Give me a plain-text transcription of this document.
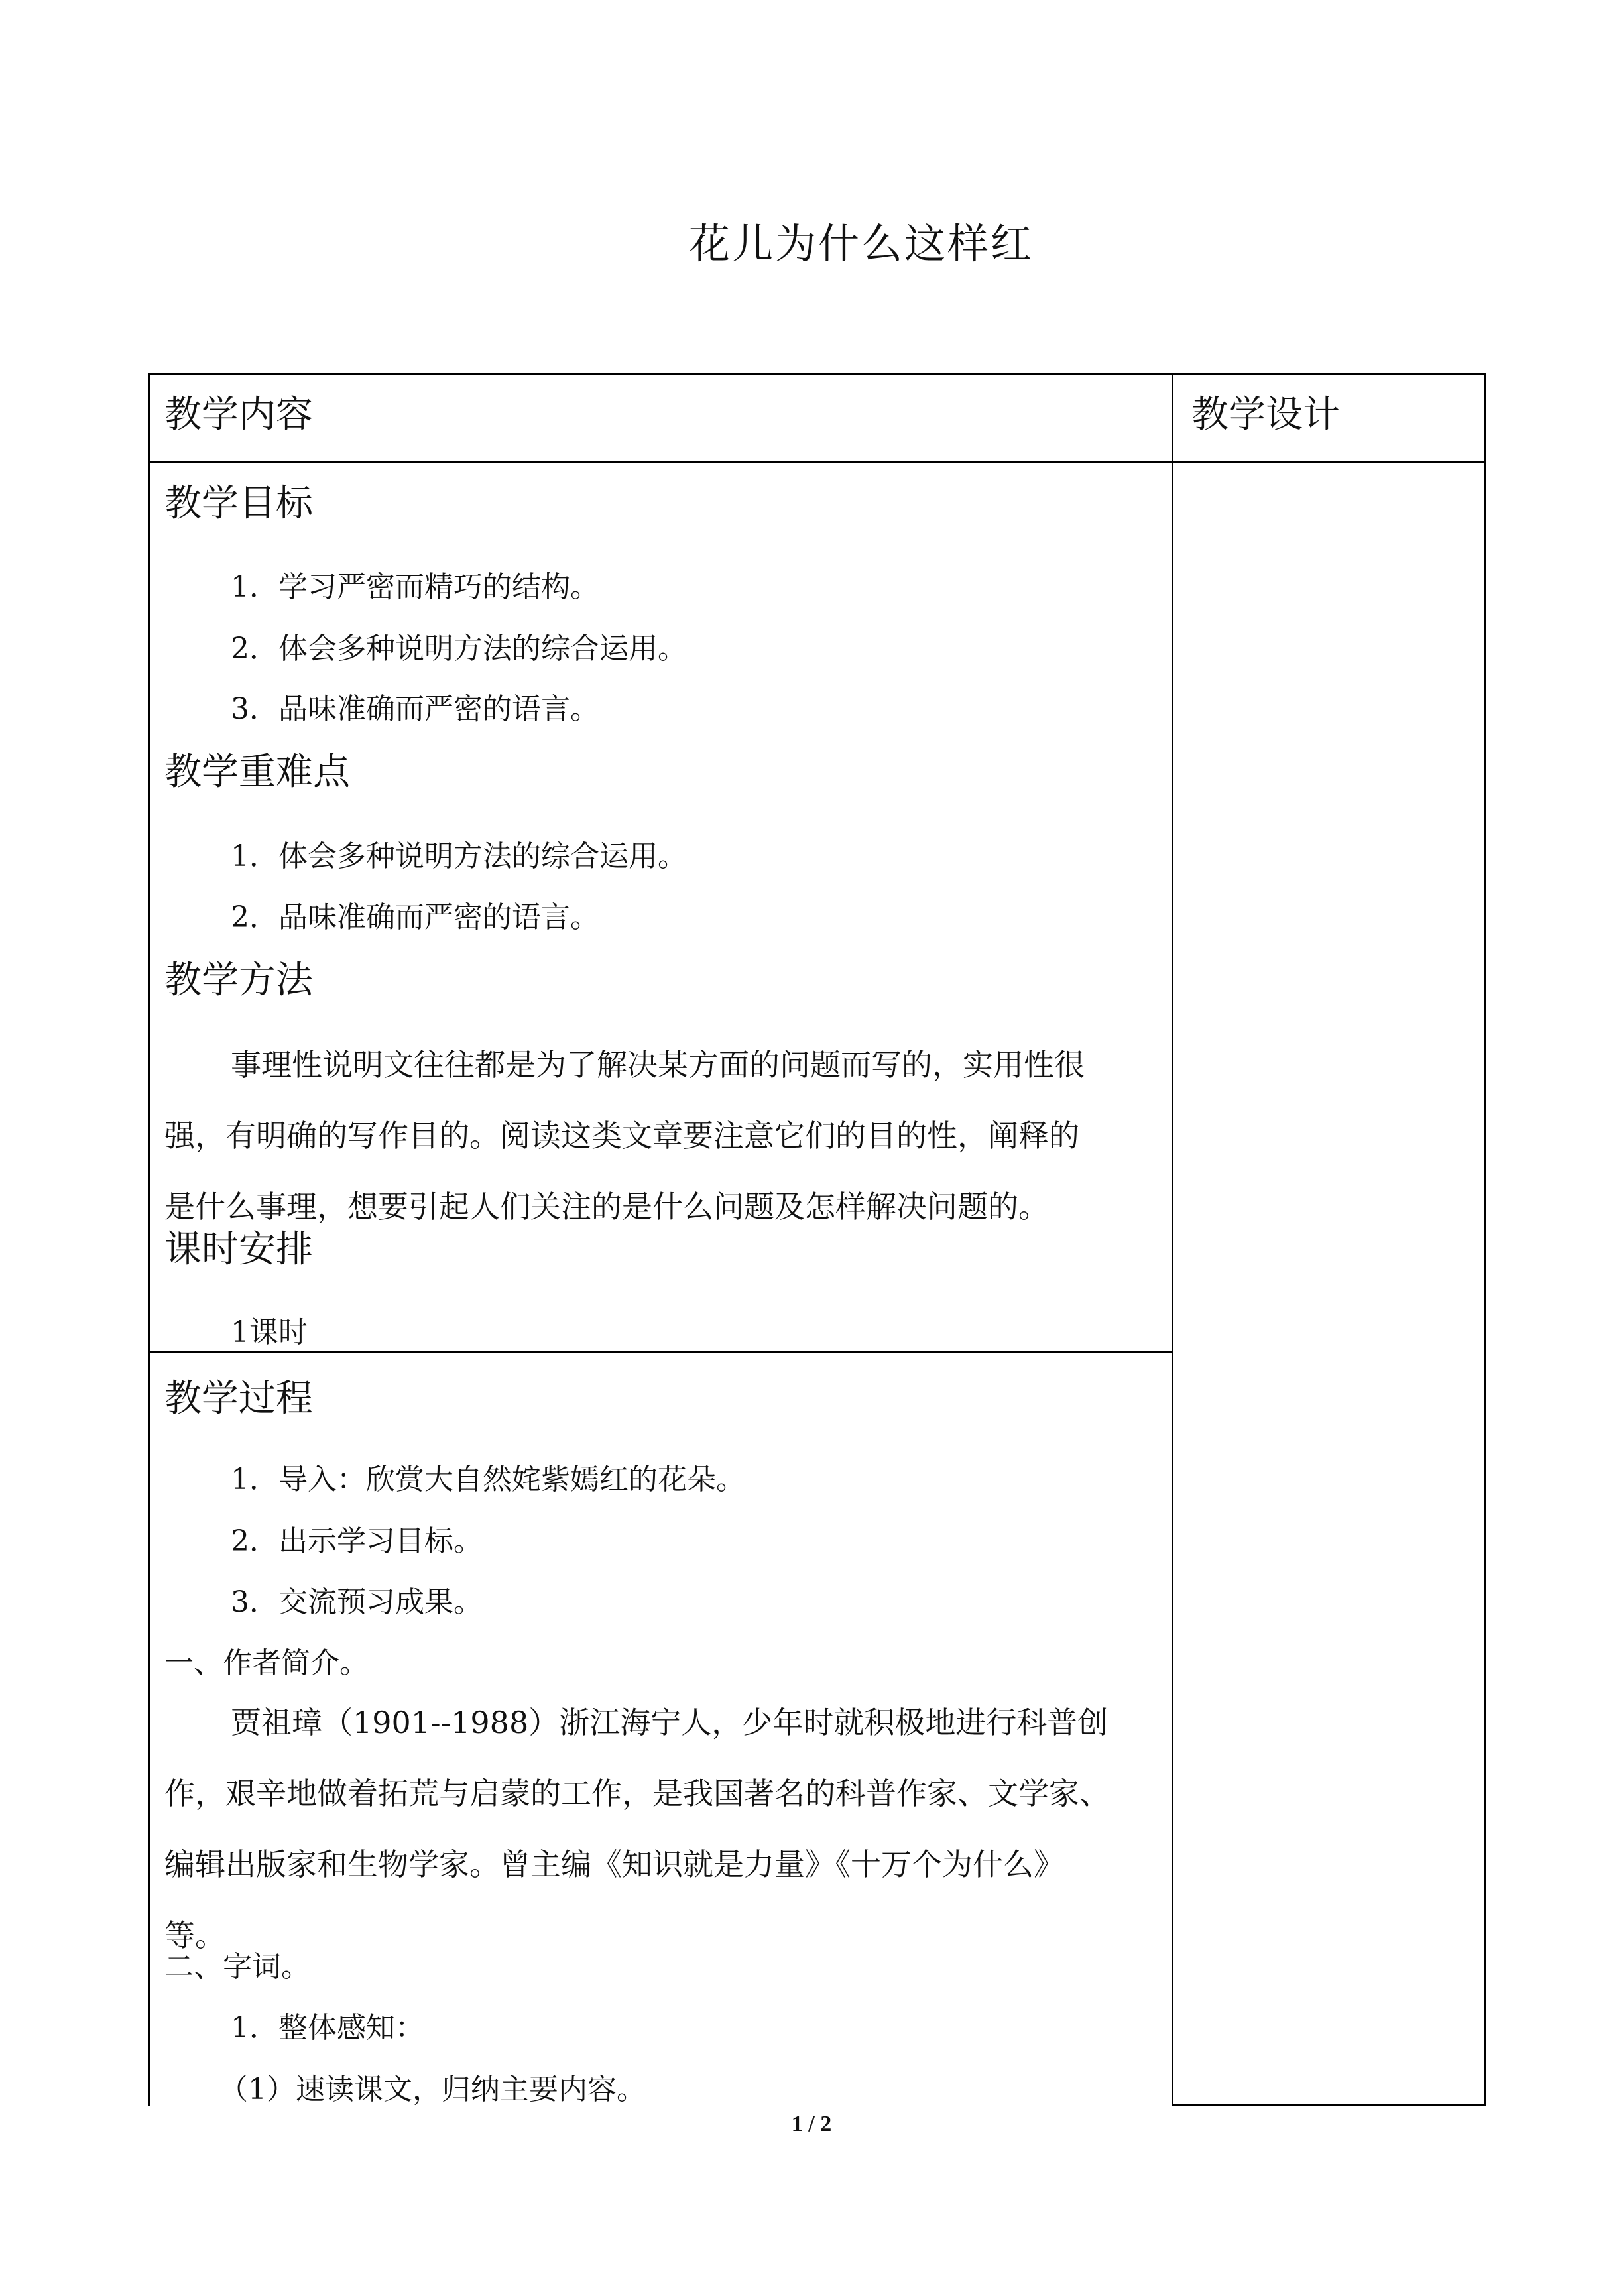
花儿为什么这样红
教学内容	教学设计
教学目标
1．学习严密而精巧的结构。
2．体会多种说明方法的综合运用。
3．品味准确而严密的语言。
教学重难点
1．体会多种说明方法的综合运用。
2．品味准确而严密的语言。
教学方法
事理性说明文往往都是为了解决某方面的问题而写的，实用性很
强，有明确的写作目的。阅读这类文章要注意它们的目的性，阐释的
是什么事理，想要引起人们关注的是什么问题及怎样解决问题的。
课时安排
1课时
教学过程
1．导入：欣赏大自然姹紫嫣红的花朵。
2．出示学习目标。
3．交流预习成果。
一、作者简介。
贾祖璋（1901--1988）浙江海宁人，少年时就积极地进行科普创
作，艰辛地做着拓荒与启蒙的工作，是我国著名的科普作家、文学家、
编辑出版家和生物学家。曾主编《知识就是力量》《十万个为什么》
等。
二、字词。
1．整体感知：
（1）速读课文，归纳主要内容。
1 / 2
